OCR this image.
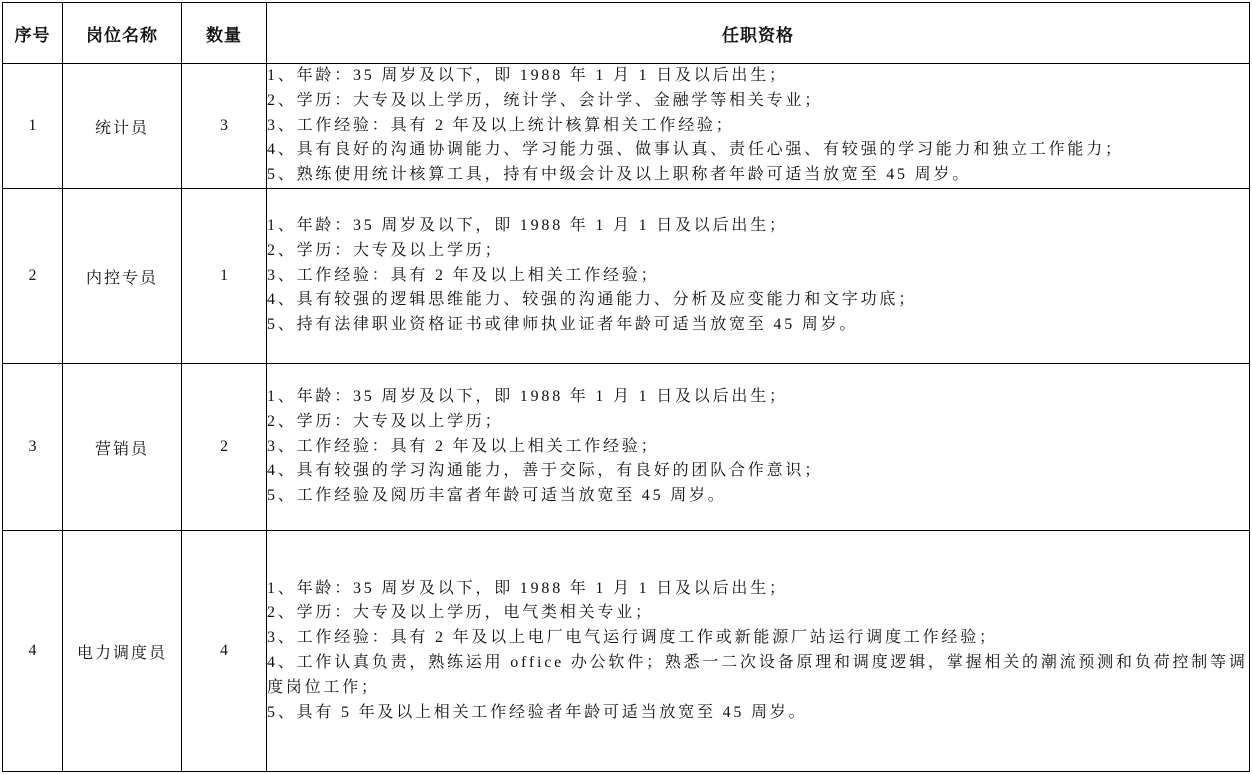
序号	岗位名称	数量	任职资格
1	统计员	3	1、年龄：35 周岁及以下，即 1988 年 1 月 1 日及以后出生；
2、学历：大专及以上学历，统计学、会计学、金融学等相关专业；
3、工作经验：具有 2 年及以上统计核算相关工作经验；
4、具有良好的沟通协调能力、学习能力强、做事认真、责任心强、有较强的学习能力和独立工作能力；
5、熟练使用统计核算工具，持有中级会计及以上职称者年龄可适当放宽至 45 周岁。

2	内控专员	1	1、年龄：35 周岁及以下，即 1988 年 1 月 1 日及以后出生；
2、学历：大专及以上学历；
3、工作经验：具有 2 年及以上相关工作经验；
4、具有较强的逻辑思维能力、较强的沟通能力、分析及应变能力和文字功底；
5、持有法律职业资格证书或律师执业证者年龄可适当放宽至 45 周岁。

3	营销员	2	1、年龄：35 周岁及以下，即 1988 年 1 月 1 日及以后出生；
2、学历：大专及以上学历；
3、工作经验：具有 2 年及以上相关工作经验；
4、具有较强的学习沟通能力，善于交际，有良好的团队合作意识；
5、工作经验及阅历丰富者年龄可适当放宽至 45 周岁。

4	电力调度员	4	1、年龄：35 周岁及以下，即 1988 年 1 月 1 日及以后出生；
2、学历：大专及以上学历，电气类相关专业；
3、工作经验：具有 2 年及以上电厂电气运行调度工作或新能源厂站运行调度工作经验；
4、工作认真负责，熟练运用 office 办公软件；熟悉一二次设备原理和调度逻辑，掌握相关的潮流预测和负荷控制等调度岗位工作；
5、具有 5 年及以上相关工作经验者年龄可适当放宽至 45 周岁。
